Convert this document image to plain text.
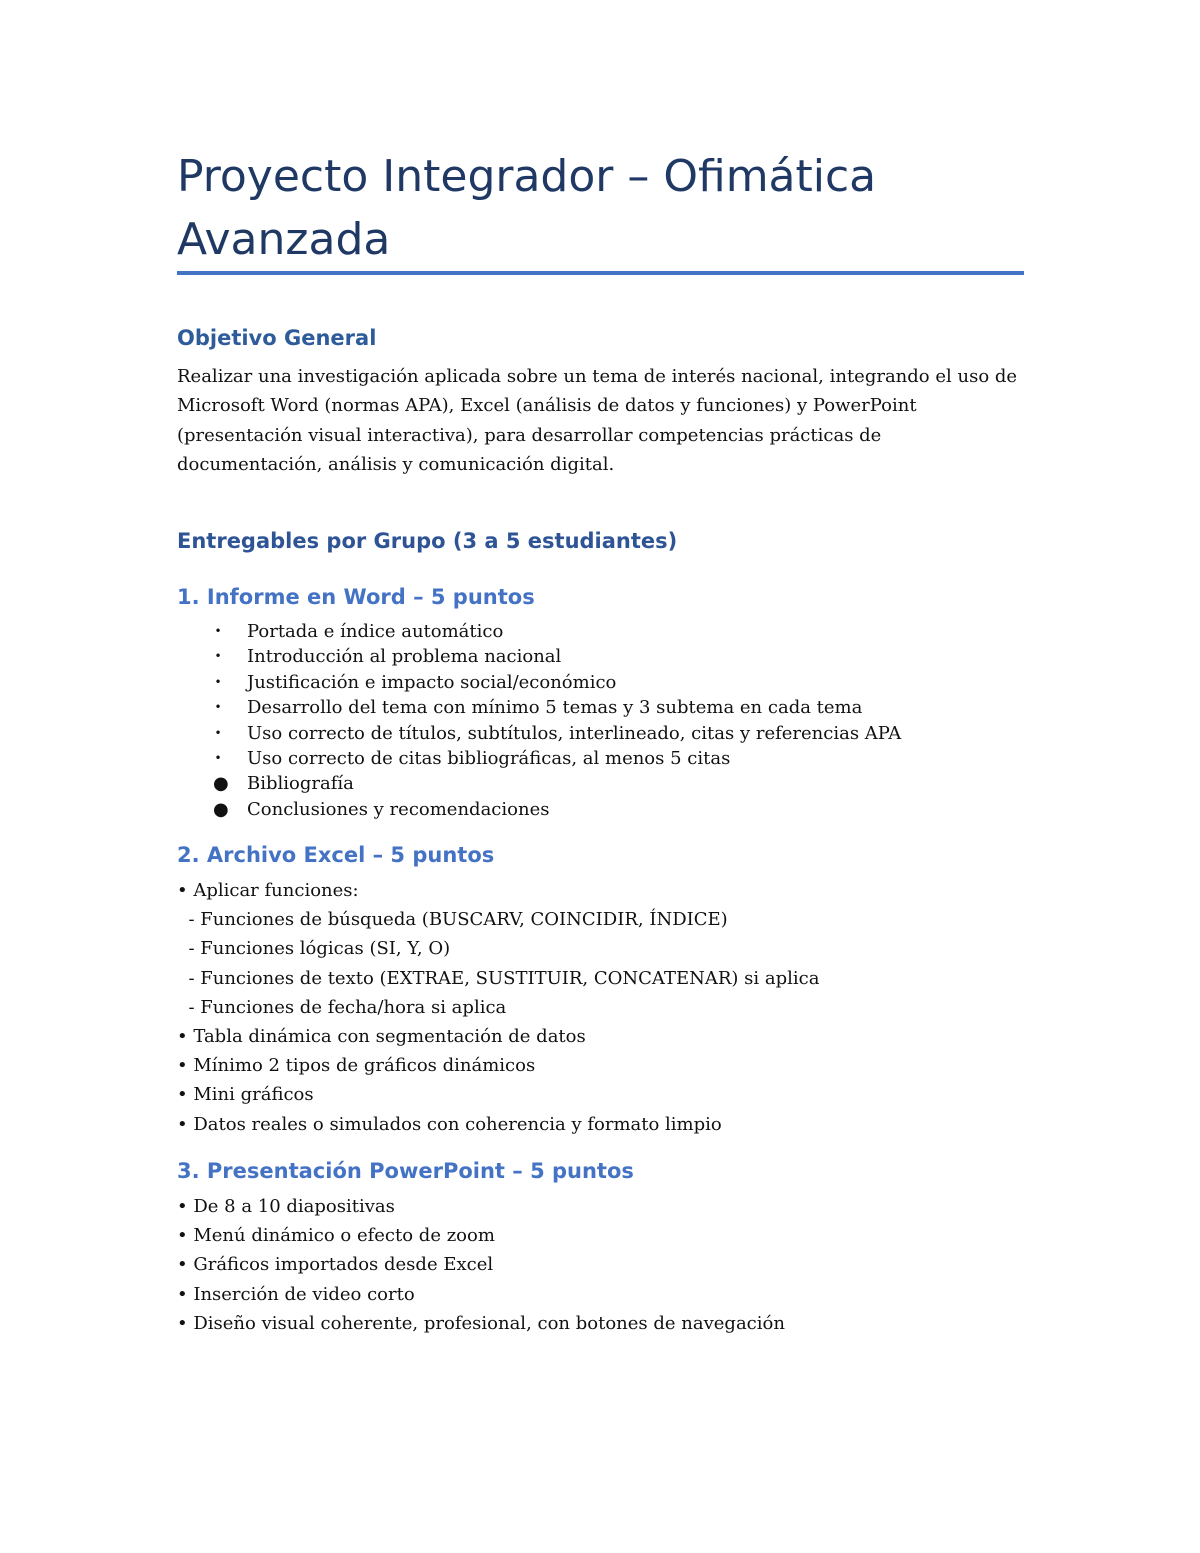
Proyecto Integrador – Ofimática Avanzada
Objetivo General

Realizar una investigación aplicada sobre un tema de interés nacional, integrando el uso de Microsoft Word (normas APA), Excel (análisis de datos y funciones) y PowerPoint (presentación visual interactiva), para desarrollar competencias prácticas de documentación, análisis y comunicación digital.

Entregables por Grupo (3 a 5 estudiantes)
1. Informe en Word – 5 puntos
• Portada e índice automático
• Introducción al problema nacional
• Justificación e impacto social/económico
• Desarrollo del tema con mínimo 5 temas y 3 subtema en cada tema
• Uso correcto de títulos, subtítulos, interlineado, citas y referencias APA
• Uso correcto de citas bibliográficas, al menos 5 citas
● Bibliografía
● Conclusiones y recomendaciones
2. Archivo Excel – 5 puntos
• Aplicar funciones:
- Funciones de búsqueda (BUSCARV, COINCIDIR, ÍNDICE)
- Funciones lógicas (SI, Y, O)
- Funciones de texto (EXTRAE, SUSTITUIR, CONCATENAR) si aplica
- Funciones de fecha/hora si aplica
• Tabla dinámica con segmentación de datos
• Mínimo 2 tipos de gráficos dinámicos
• Mini gráficos
• Datos reales o simulados con coherencia y formato limpio
3. Presentación PowerPoint – 5 puntos
• De 8 a 10 diapositivas
• Menú dinámico o efecto de zoom
• Gráficos importados desde Excel
• Inserción de video corto
• Diseño visual coherente, profesional, con botones de navegación
